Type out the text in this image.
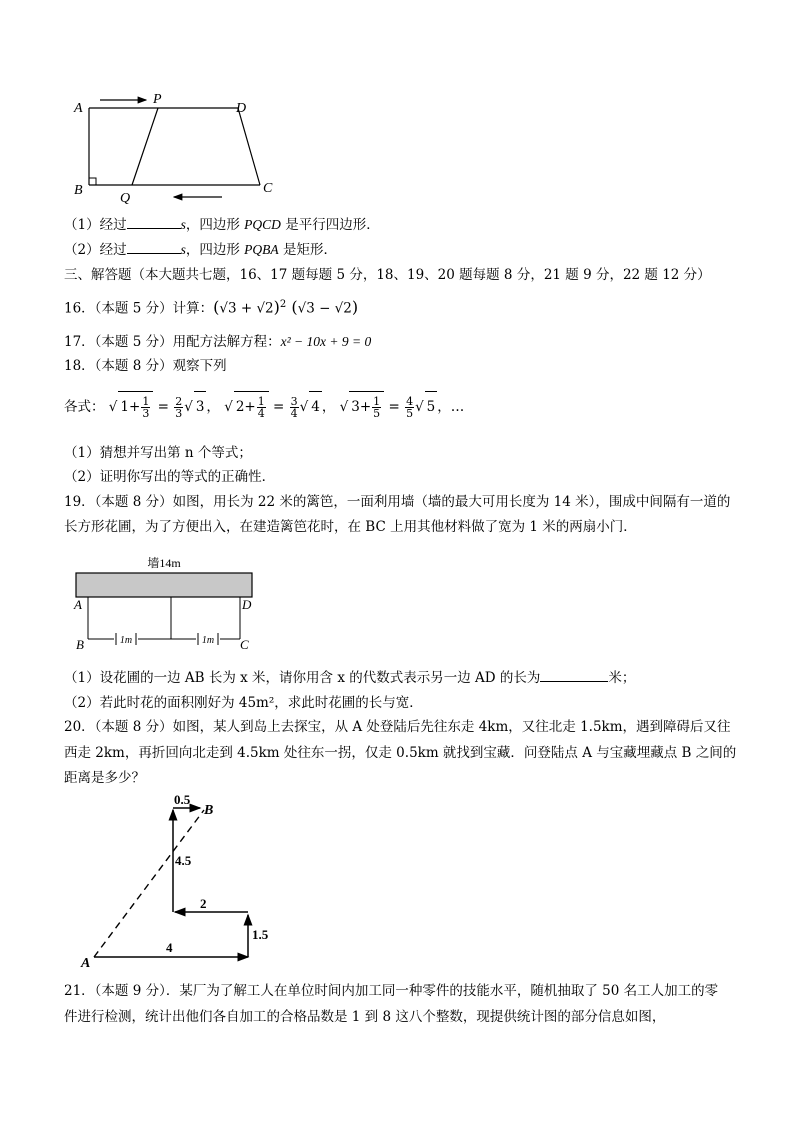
A
P
D
B
Q
C
（1）经过	s，四边形 PQCD 是平行四边形．
（2）经过	s，四边形 PQBA 是矩形．
三、解答题（本大题共七题，16、17 题每题 5 分，18、19、20 题每题 8 分，21 题 9 分，22 题 12 分）
16．（本题 5 分）计算：$(√3 + √2)^2$ (√3 − √2)
17．（本题 5 分）用配方法解方程：x² − 10x + 9 = 0
18．（本题 8 分）观察下列
各式： √ $1+ \frac{1}{3} = \frac{2}{3}$ √ 3 ， √ $2+ \frac{1}{4} = \frac{3}{4}$ √ 4 ， √ $3+ \frac{1}{5} = \frac{4}{5}$ √ 5 ，…
（1）猜想并写出第 n 个等式；
（2）证明你写出的等式的正确性．
19．（本题 8 分）如图，用长为 22 米的篱笆，一面利用墙（墙的最大可用长度为 14 米），围成中间隔有一道的
长方形花圃，为了方便出入，在建造篱笆花时，在 BC 上用其他材料做了宽为 1 米的两扇小门．
墙14m
1m	1m
A	D
B	C
（1）设花圃的一边 AB 长为 x 米，请你用含 x 的代数式表示另一边 AD 的长为	米；
（2）若此时花的面积刚好为 45m²，求此时花圃的长与宽．
20．（本题 8 分）如图，某人到岛上去探宝，从 A 处登陆后先往东走 4km，又往北走 1.5km，遇到障碍后又往
西走 2km，再折回向北走到 4.5km 处往东一拐，仅走 0.5km 就找到宝藏．问登陆点 A 与宝藏埋藏点 B 之间的
距离是多少？
4
1.5
2
4.5
0.5
A
B
21．（本题 9 分）．某厂为了解工人在单位时间内加工同一种零件的技能水平，随机抽取了 50 名工人加工的零
件进行检测，统计出他们各自加工的合格品数是 1 到 8 这八个整数，现提供统计图的部分信息如图，
